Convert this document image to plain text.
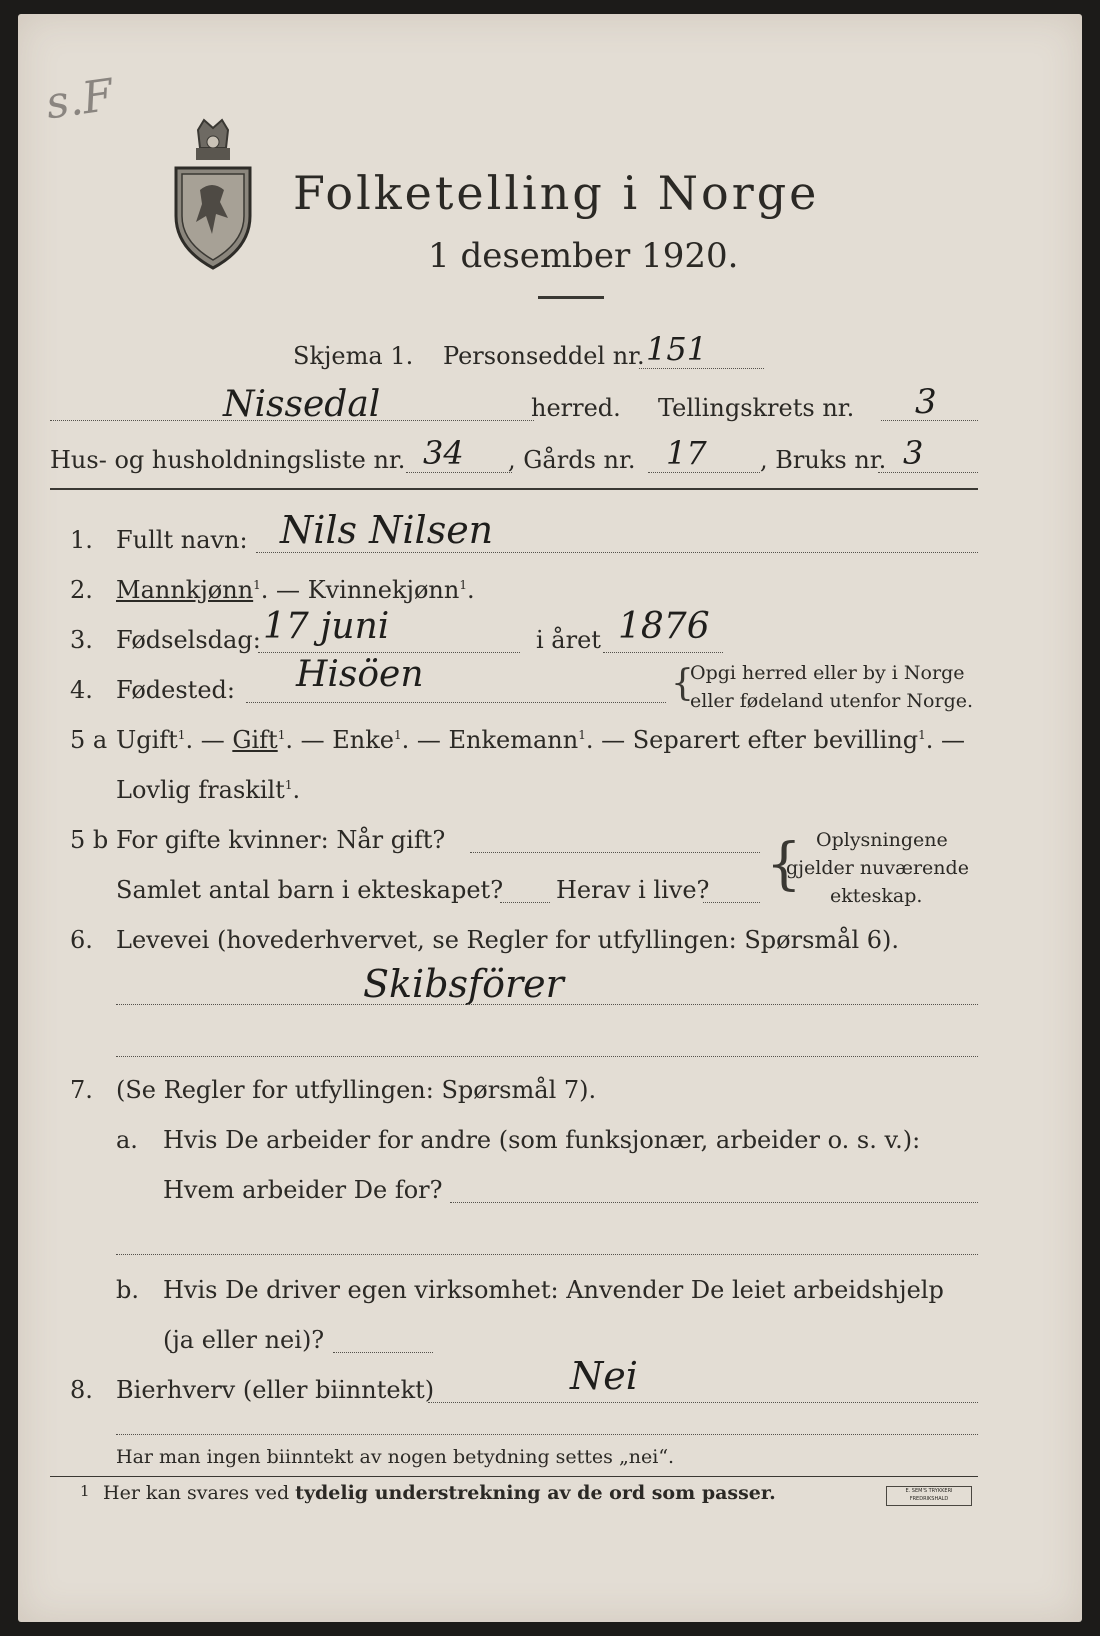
s.F
Folketelling i Norge
1 desember 1920.
Skjema 1. Personseddel nr. 151
Nissedal	herred. Tellingskrets nr. 3
Hus- og husholdningsliste nr. 34 , Gårds nr. 17 , Bruks nr. 3
1. Fullt navn: Nils Nilsen
2. Mannkjønn$^1$. — Kvinnekjønn$^1$.
3. Fødselsdag: 17 juni	i året 1876
4. Fødested: Hisöen	{
Opgi herred eller by i Norge
eller fødeland utenfor Norge.
5 a Ugift$^1$. — Gift$^1$. — Enke$^1$. — Enkemann$^1$. — Separert efter bevilling$^1$. —
Lovlig fraskilt$^1$.
5 b For gifte kvinner: Når gift?
Samlet antal barn i ekteskapet? Herav i live? { Oplysningene
gjelder nuværende
ekteskap.
6. Levevei (hovederhvervet, se Regler for utfyllingen: Spørsmål 6).
Skibsförer
7. (Se Regler for utfyllingen: Spørsmål 7).
a. Hvis De arbeider for andre (som funksjonær, arbeider o. s. v.):
Hvem arbeider De for?
b. Hvis De driver egen virksomhet: Anvender De leiet arbeidshjelp
(ja eller nei)?
8. Bierhverv (eller biinntekt)	Nei
Har man ingen biinntekt av nogen betydning settes „nei“.
1 Her kan svares ved tydelig understrekning av de ord som passer.	E. SEM'S TRYKKERI FREDRIKSHALD
